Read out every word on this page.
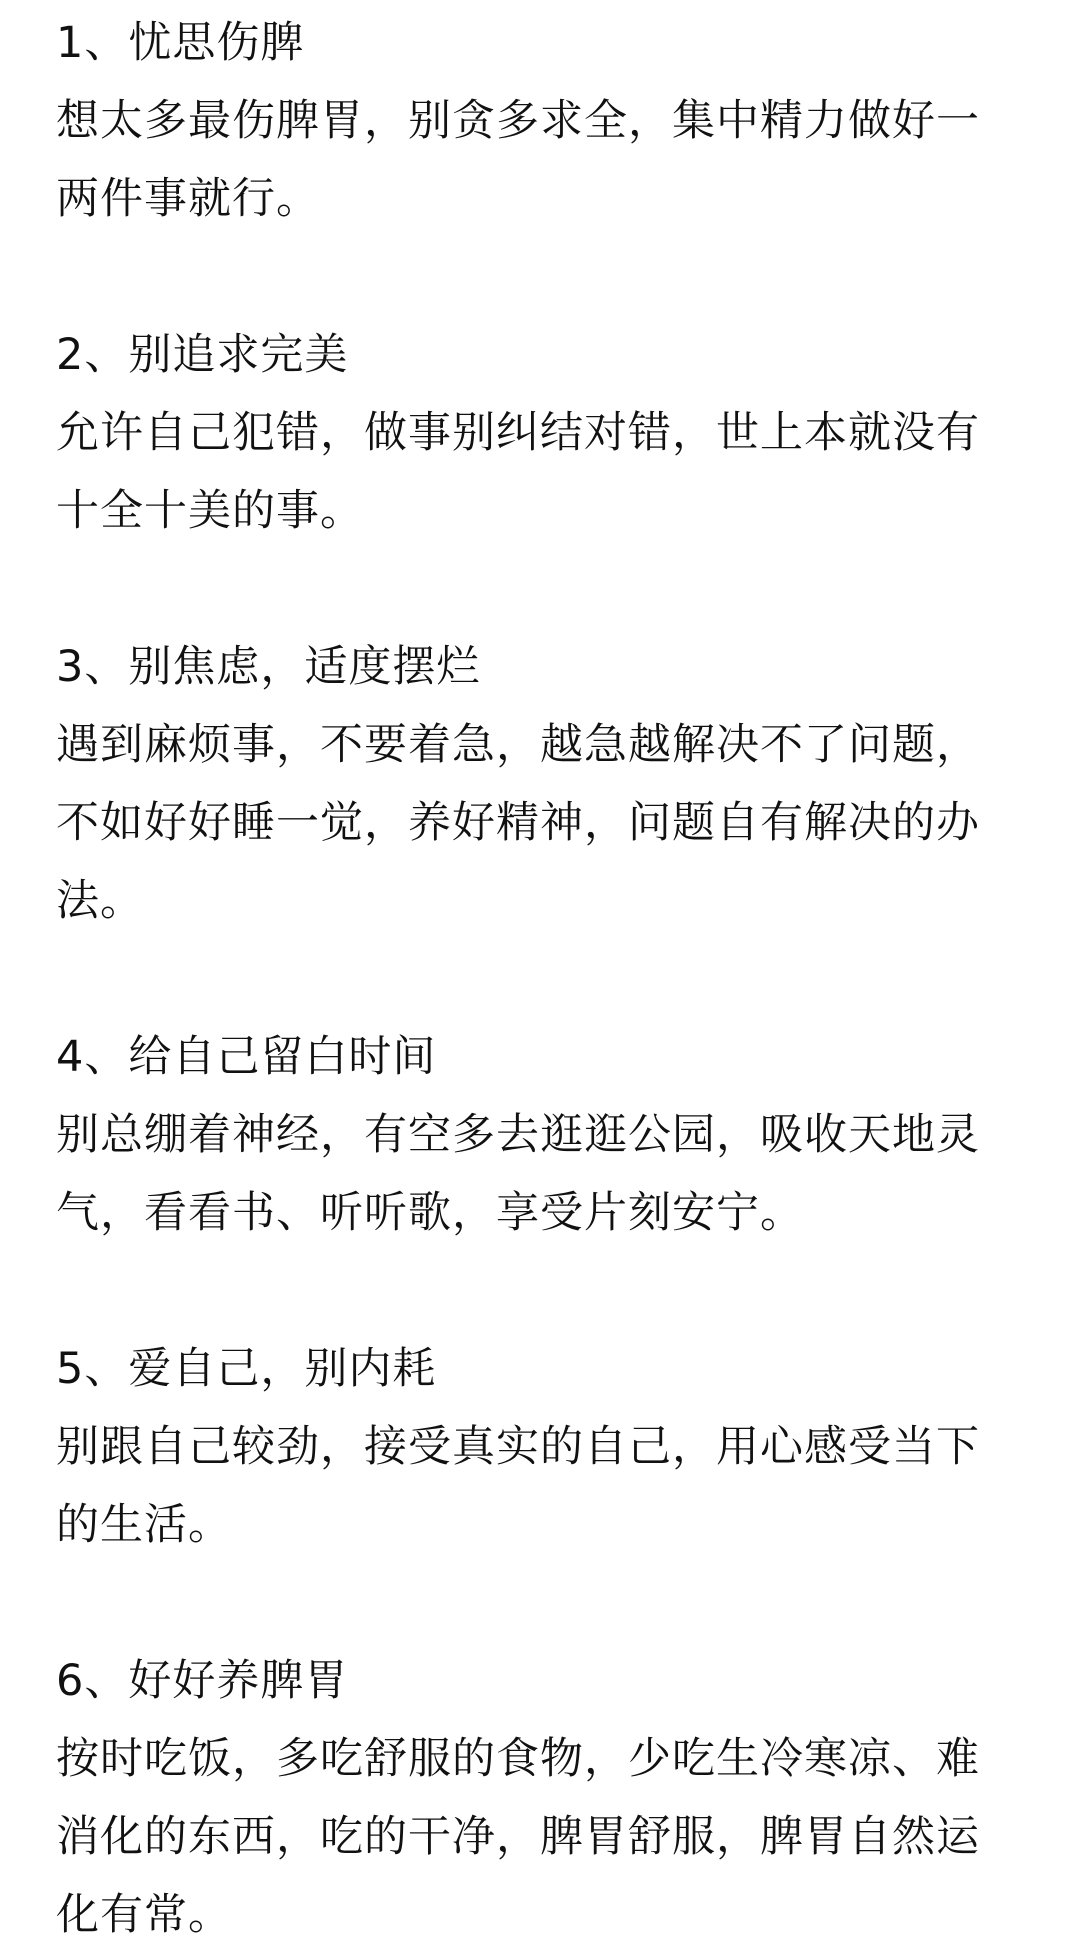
1、忧思伤脾
想太多最伤脾胃，别贪多求全，集中精力做好一
两件事就行。
2、别追求完美
允许自己犯错，做事别纠结对错，世上本就没有
十全十美的事。
3、别焦虑，适度摆烂
遇到麻烦事，不要着急，越急越解决不了问题，
不如好好睡一觉，养好精神，问题自有解决的办
法。
4、给自己留白时间
别总绷着神经，有空多去逛逛公园，吸收天地灵
气，看看书、听听歌，享受片刻安宁。
5、爱自己，别内耗
别跟自己较劲，接受真实的自己，用心感受当下
的生活。
6、好好养脾胃
按时吃饭，多吃舒服的食物，少吃生冷寒凉、难
消化的东西，吃的干净，脾胃舒服，脾胃自然运
化有常。
